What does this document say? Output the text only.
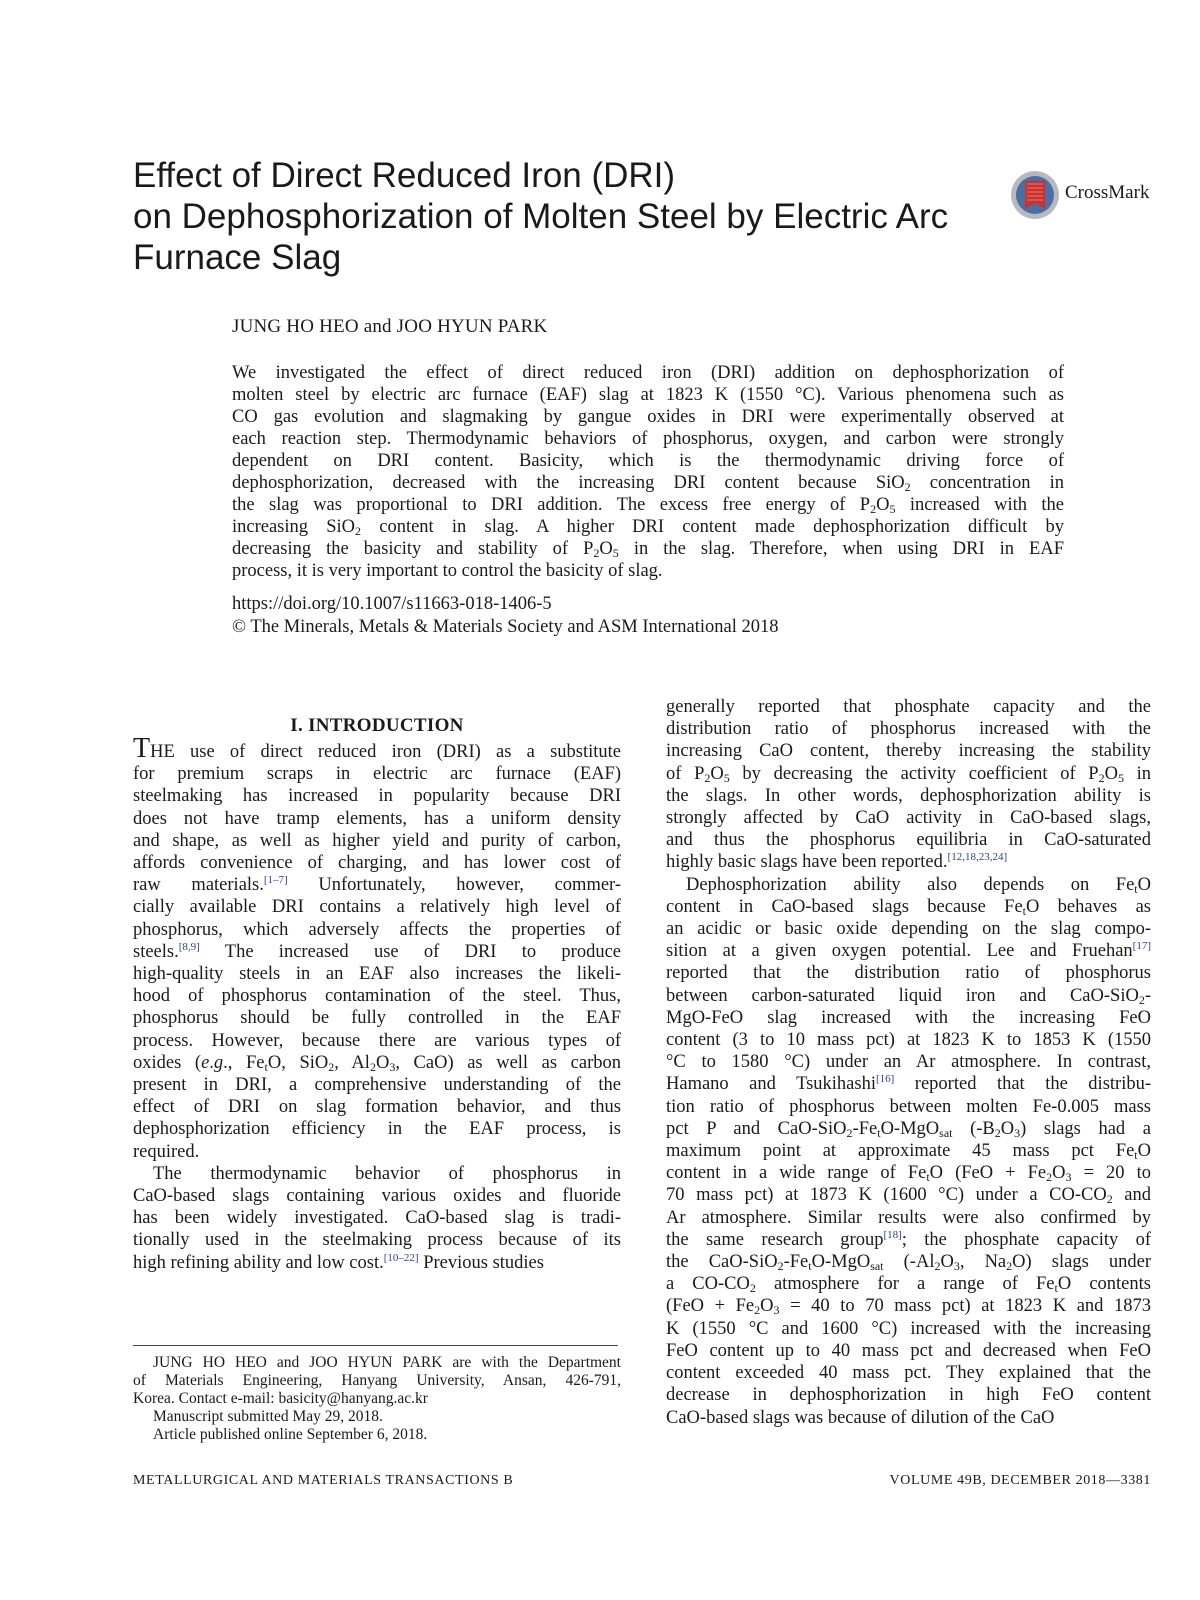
Effect of Direct Reduced Iron (DRI)
on Dephosphorization of Molten Steel by Electric Arc
Furnace Slag
CrossMark
JUNG HO HEO and JOO HYUN PARK
We investigated the effect of direct reduced iron (DRI) addition on dephosphorization of
molten steel by electric arc furnace (EAF) slag at 1823 K (1550 °C). Various phenomena such as
CO gas evolution and slagmaking by gangue oxides in DRI were experimentally observed at
each reaction step. Thermodynamic behaviors of phosphorus, oxygen, and carbon were strongly
dependent on DRI content. Basicity, which is the thermodynamic driving force of
dephosphorization, decreased with the increasing DRI content because SiO$_2$ concentration in
the slag was proportional to DRI addition. The excess free energy of $P_2O_5$ increased with the
increasing SiO$_2$ content in slag. A higher DRI content made dephosphorization difficult by
decreasing the basicity and stability of $P_2O_5$ in the slag. Therefore, when using DRI in EAF
process, it is very important to control the basicity of slag.
https://doi.org/10.1007/s11663-018-1406-5
© The Minerals, Metals & Materials Society and ASM International 2018
I. INTRODUCTION
THE use of direct reduced iron (DRI) as a substitute
for premium scraps in electric arc furnace (EAF)
steelmaking has increased in popularity because DRI
does not have tramp elements, has a uniform density
and shape, as well as higher yield and purity of carbon,
affords convenience of charging, and has lower cost of
raw materials.[1–7] Unfortunately, however, commer-
cially available DRI contains a relatively high level of
phosphorus, which adversely affects the properties of
steels.[8,9] The increased use of DRI to produce
high-quality steels in an EAF also increases the likeli-
hood of phosphorus contamination of the steel. Thus,
phosphorus should be fully controlled in the EAF
process. However, because there are various types of
oxides (e.g., $Fe_tO$, SiO$_2$, $Al_2O_3$, CaO) as well as carbon
present in DRI, a comprehensive understanding of the
effect of DRI on slag formation behavior, and thus
dephosphorization efficiency in the EAF process, is
required.
The thermodynamic behavior of phosphorus in
CaO-based slags containing various oxides and fluoride
has been widely investigated. CaO-based slag is tradi-
tionally used in the steelmaking process because of its
high refining ability and low cost.[10–22] Previous studies
generally reported that phosphate capacity and the
distribution ratio of phosphorus increased with the
increasing CaO content, thereby increasing the stability
of $P_2O_5$ by decreasing the activity coefficient of $P_2O_5$ in
the slags. In other words, dephosphorization ability is
strongly affected by CaO activity in CaO-based slags,
and thus the phosphorus equilibria in CaO-saturated
highly basic slags have been reported.[12,18,23,24]
Dephosphorization ability also depends on $Fe_tO$
content in CaO-based slags because $Fe_tO$ behaves as
an acidic or basic oxide depending on the slag compo-
sition at a given oxygen potential. Lee and Fruehan[17]
reported that the distribution ratio of phosphorus
between carbon-saturated liquid iron and CaO-SiO$_2$-
MgO-FeO slag increased with the increasing FeO
content (3 to 10 mass pct) at 1823 K to 1853 K (1550
°C to 1580 °C) under an Ar atmosphere. In contrast,
Hamano and Tsukihashi[16] reported that the distribu-
tion ratio of phosphorus between molten Fe-0.005 mass
pct P and CaO-$SiO_2-Fe_tO-MgO_{sat}$ $(-B_2O_3)$ slags had a
maximum point at approximate 45 mass pct $Fe_tO$
content in a wide range of $Fe_tO$ ($FeO + Fe_2O_3 = 20$ to
70 mass pct) at 1873 K (1600 °C) under a $CO-CO_2$ and
Ar atmosphere. Similar results were also confirmed by
the same research group[18]; the phosphate capacity of
the CaO-$SiO_2-Fe_tO-MgO_{sat}$ ($-Al_2O_3$, $Na_2O$) slags under
a $CO-CO_2$ atmosphere for a range of $Fe_tO$ contents
($FeO + Fe_2O_3 = 40$ to 70 mass pct) at 1823 K and 1873
K (1550 °C and 1600 °C) increased with the increasing
FeO content up to 40 mass pct and decreased when FeO
content exceeded 40 mass pct. They explained that the
decrease in dephosphorization in high FeO content
CaO-based slags was because of dilution of the CaO
JUNG HO HEO and JOO HYUN PARK are with the Department
of Materials Engineering, Hanyang University, Ansan, 426-791,
Korea. Contact e-mail: basicity@hanyang.ac.kr
Manuscript submitted May 29, 2018.
Article published online September 6, 2018.
METALLURGICAL AND MATERIALS TRANSACTIONS B	VOLUME 49B, DECEMBER 2018—3381
